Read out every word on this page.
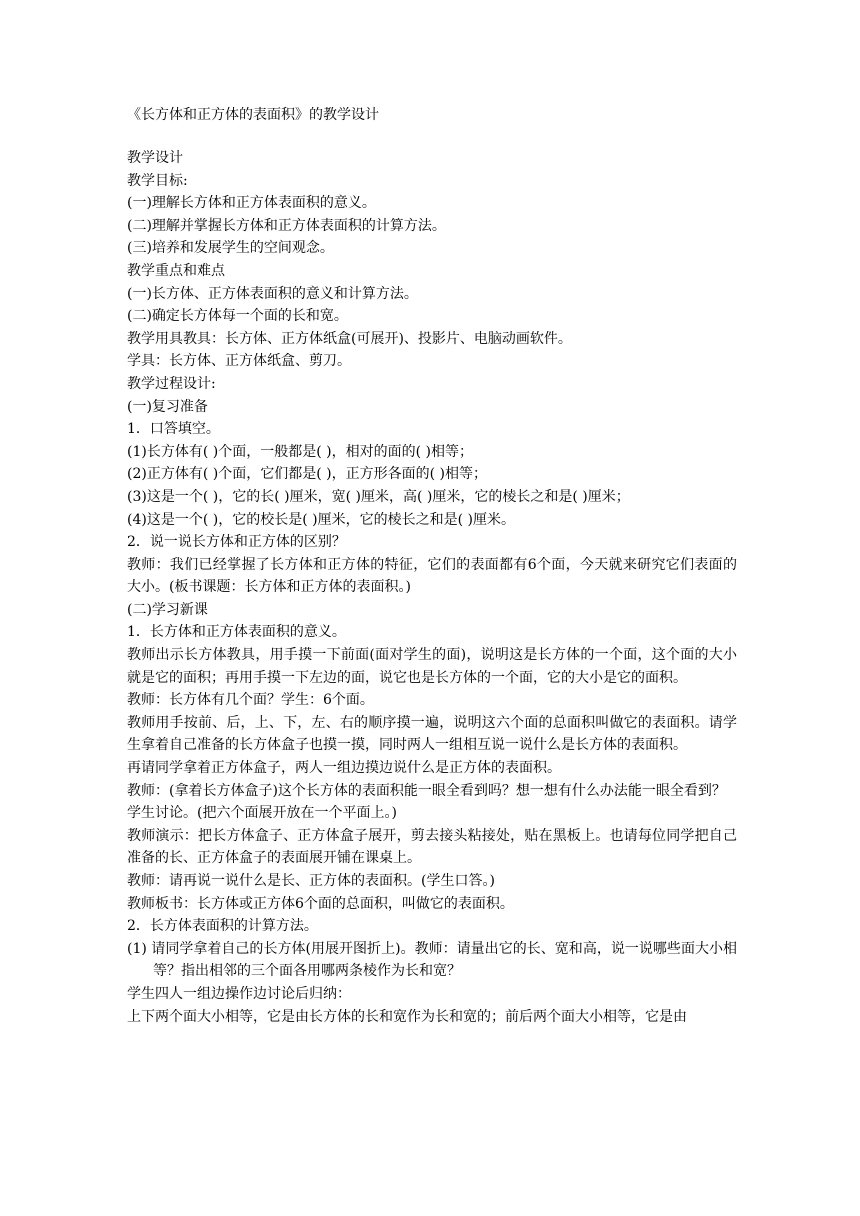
《长方体和正方体的表面积》的教学设计
教学设计
教学目标:
(一)理解长方体和正方体表面积的意义。
(二)理解并掌握长方体和正方体表面积的计算方法。
(三)培养和发展学生的空间观念。
教学重点和难点
(一)长方体、正方体表面积的意义和计算方法。
(二)确定长方体每一个面的长和宽。
教学用具教具：长方体、正方体纸盒(可展开)、投影片、电脑动画软件。
学具：长方体、正方体纸盒、剪刀。
教学过程设计:
(一)复习准备
1．口答填空。
(1)长方体有( )个面，一般都是( )，相对的面的( )相等；
(2)正方体有( )个面，它们都是( )，正方形各面的( )相等；
(3)这是一个( )，它的长( )厘米，宽( )厘米，高( )厘米，它的棱长之和是( )厘米；
(4)这是一个( )，它的校长是( )厘米，它的棱长之和是( )厘米。
2．说一说长方体和正方体的区别？
教师：我们已经掌握了长方体和正方体的特征，它们的表面都有6个面，今天就来研究它们表面的大小。(板书课题：长方体和正方体的表面积。)
(二)学习新课
1．长方体和正方体表面积的意义。
教师出示长方体教具，用手摸一下前面(面对学生的面)，说明这是长方体的一个面，这个面的大小就是它的面积；再用手摸一下左边的面，说它也是长方体的一个面，它的大小是它的面积。
教师：长方体有几个面？学生：6个面。
教师用手按前、后，上、下，左、右的顺序摸一遍，说明这六个面的总面积叫做它的表面积。请学生拿着自己准备的长方体盒子也摸一摸，同时两人一组相互说一说什么是长方体的表面积。
再请同学拿着正方体盒子，两人一组边摸边说什么是正方体的表面积。
教师：(拿着长方体盒子)这个长方体的表面积能一眼全看到吗？想一想有什么办法能一眼全看到？
学生讨论。(把六个面展开放在一个平面上。)
教师演示：把长方体盒子、正方体盒子展开，剪去接头粘接处，贴在黑板上。也请每位同学把自己准备的长、正方体盒子的表面展开铺在课桌上。
教师：请再说一说什么是长、正方体的表面积。(学生口答。)
教师板书：长方体或正方体6个面的总面积，叫做它的表面积。
2．长方体表面积的计算方法。
(1) 请同学拿着自己的长方体(用展开图折上)。教师：请量出它的长、宽和高，说一说哪些面大小相等？指出相邻的三个面各用哪两条棱作为长和宽？
学生四人一组边操作边讨论后归纳：
上下两个面大小相等，它是由长方体的长和宽作为长和宽的；前后两个面大小相等，它是由
